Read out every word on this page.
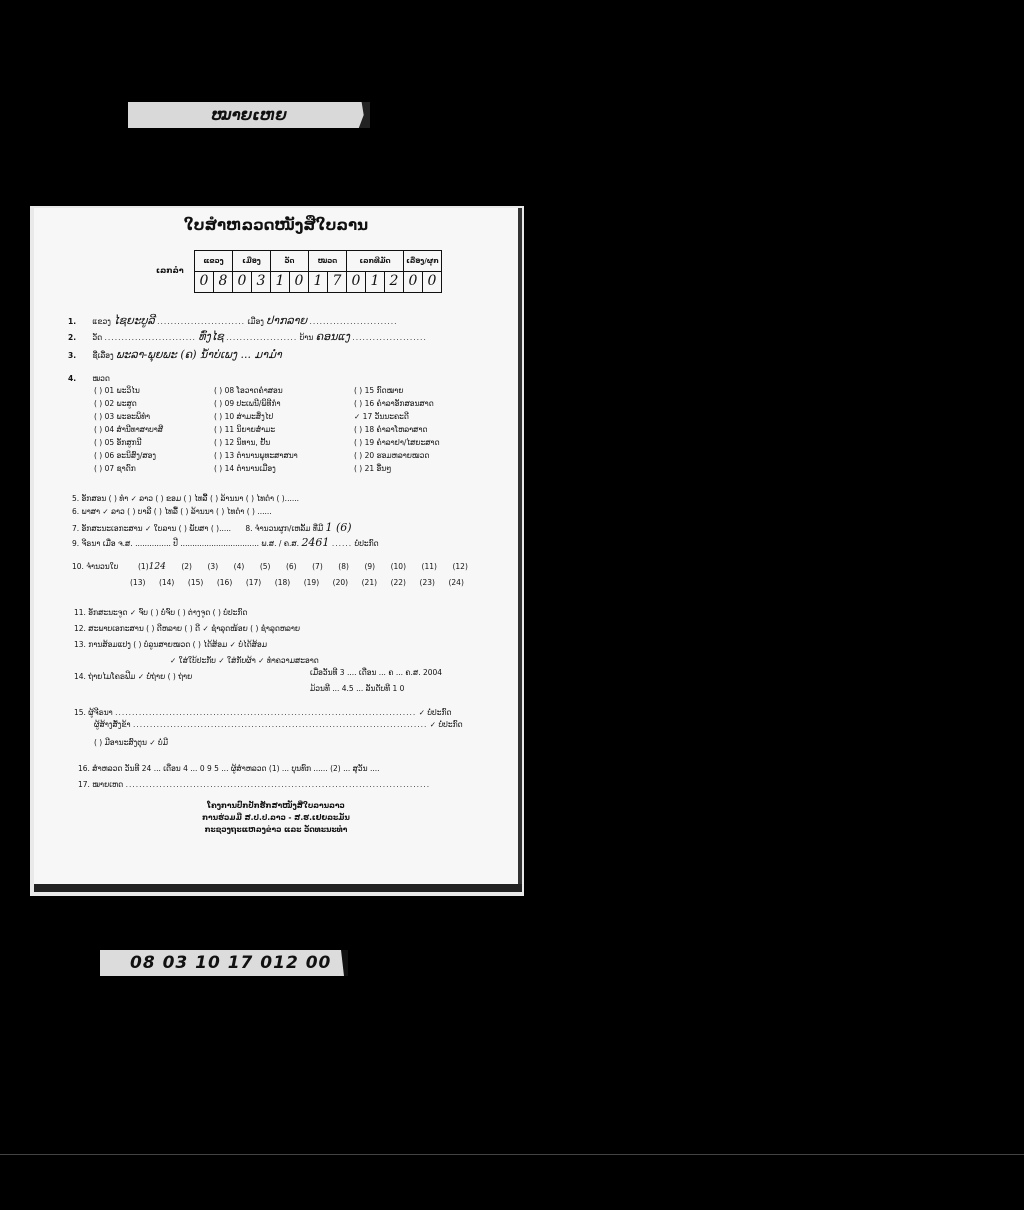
ໝາຍເຫຍ
ໃບສຳຫລວດໜັງສືໃບລານ
ເລກລຳ
ແຂວງ		ເມືອງ		ວັດ		ໝວດ		ເລກທີມັດ			ເລື່ອງ/ຜູກ	
0	8	0	3	1	0	1	7	0	1	2	0	0
1. ແຂວງ ໄຊຍະບູລີ .......................... ເມືອງ ປາກລາຍ ..........................
2. ວັດ ........................... ທົ່ງໄຊ ..................... ບ້ານ ຄອນແງ ......................
3. ຊື່ເລື່ອງ ພະລາ-ພຸຍພະ (ຄ) ນ້ຳບ່ເພງ ... ມາມ່ຳ
4. ໝວດ
( ) 01 ພະວິໄນ	( ) 08 ໂອວາດຄຳສອນ	( ) 15 ກົດໝາຍ
( ) 02 ພະສູດ	( ) 09 ປະເພນີ/ພິທີກຳ	( ) 16 ຄຳລາອັກສອນສາດ
( ) 03 ພະອະພິທຳ	( ) 10 ສ່າມະສິ່ງໄປ	✓ 17 ວັນນະຄະດີ
( ) 04 ສຳນີທາສາບາສີ	( ) 11 ນິຍາຍສ່ຳມະ	( ) 18 ຄຳລາໂຫລາສາດ
( ) 05 ອັກສູກນີ	( ) 12 ນິທານ, ຢັ້ນ	( ) 19 ຄຳລາຢາ/ໄສຍະສາດ
( ) 06 ອະນິສົງ/ສອງ	( ) 13 ຕຳນານພຸທະສາສນາ	( ) 20 ຮອມຫລາຍໝວດ
( ) 07 ຊາດົກ	( ) 14 ຕຳນານເມືອງ	( ) 21 ອື່ນໆ
5. ອັກສອນ ( ) ທຳ ✓ ລາວ ( ) ຂອມ ( ) ໄທລື້ ( ) ລ້ານນາ ( ) ໄທດຳ ( )......
6. ພາສາ ✓ ລາວ ( ) ບາລີ ( ) ໄທລື້ ( ) ລ້ານນາ ( ) ໄທດຳ ( ) ......
7. ອັກສະນະເອກະສານ ✓ ໃບລານ ( ) ພັບສາ ( )..... 8. ຈຳນວນຜູກ/ເຫລັ້ມ ທີ່ມີ 1 (6)
9. ຈີຣນາ ເມື່ອ ຈ.ສ. ............... ປີ ................................. ພ.ສ. / ຄ.ສ. 2461 ...... ບໍ່ປະກົດ
10. ຈຳນວນໃບ	(1)124 (2) (3) (4) (5) (6) (7) (8) (9) (10) (11) (12)
(13) (14) (15) (16) (17) (18) (19) (20) (21) (22) (23) (24)
11. ອັກສະນະຈູດ ✓ ຈົບ ( ) ບໍ່ຈົບ ( ) ຕ່າງຈູດ ( ) ບໍ່ປະກົດ
12. ສະພາບເອກະສານ ( ) ດີຫລາຍ ( ) ດີ ✓ ຊຳລຸດໜ້ອຍ ( ) ຊຳລຸດຫລາຍ
13. ການສ້ອມແປງ ( ) ບໍ່ລູນສາຍໝວດ ( ) ໄດ້ສ້ອມ ✓ ບໍ່ໄດ້ສ້ອມ
✓ ໃສ່ໃບ້ປະກັບ ✓ ໃສ່ກັບຜ້າ ✓ ທຳຄວາມສະອາດ
14. ຖ່າຍໄມໂຄຣຟີມ ✓ ບໍ່ຖ່າຍ ( ) ຖ່າຍ	ເມື່ອວັນທີ 3 .... ເດືອນ ... ຄ ... ຄ.ສ. 2004
ມ້ວນທີ ... 4.5 ... ລັນດັບທີ 1 0
15. ຜູ້ຈີຣນາ ......................................................................................... ✓ ບໍ່ປະກົດ
ຜູ້ສ້າງສັ່ງຂ້າ ....................................................................................... ✓ ບໍ່ປະກົດ
( ) ມີອານະສົງຕຸນ ✓ ບໍ່ມີ
16. ສຳຫລວດ ວັນທີ 24 ... ເດືອນ 4 ... 0 9 5 ... ຜູ້ສຳຫລວດ (1) ... ບຸນທົກ ...... (2) ... ສຸວັນ ....
17. ໝາຍເຫດ ..........................................................................................
ໂຄງການປົກປັກຮັກສາໜັງສືໃບລານລາວ
ການຮ່ວມມື ສ.ປ.ປ.ລາວ - ສ.ຮ.ເຢຍລະມັນ
ກະຊວງຖະແຫລງຂ່າວ ແລະ ວັດທະນະທຳ
08 03 10 17 012 00
